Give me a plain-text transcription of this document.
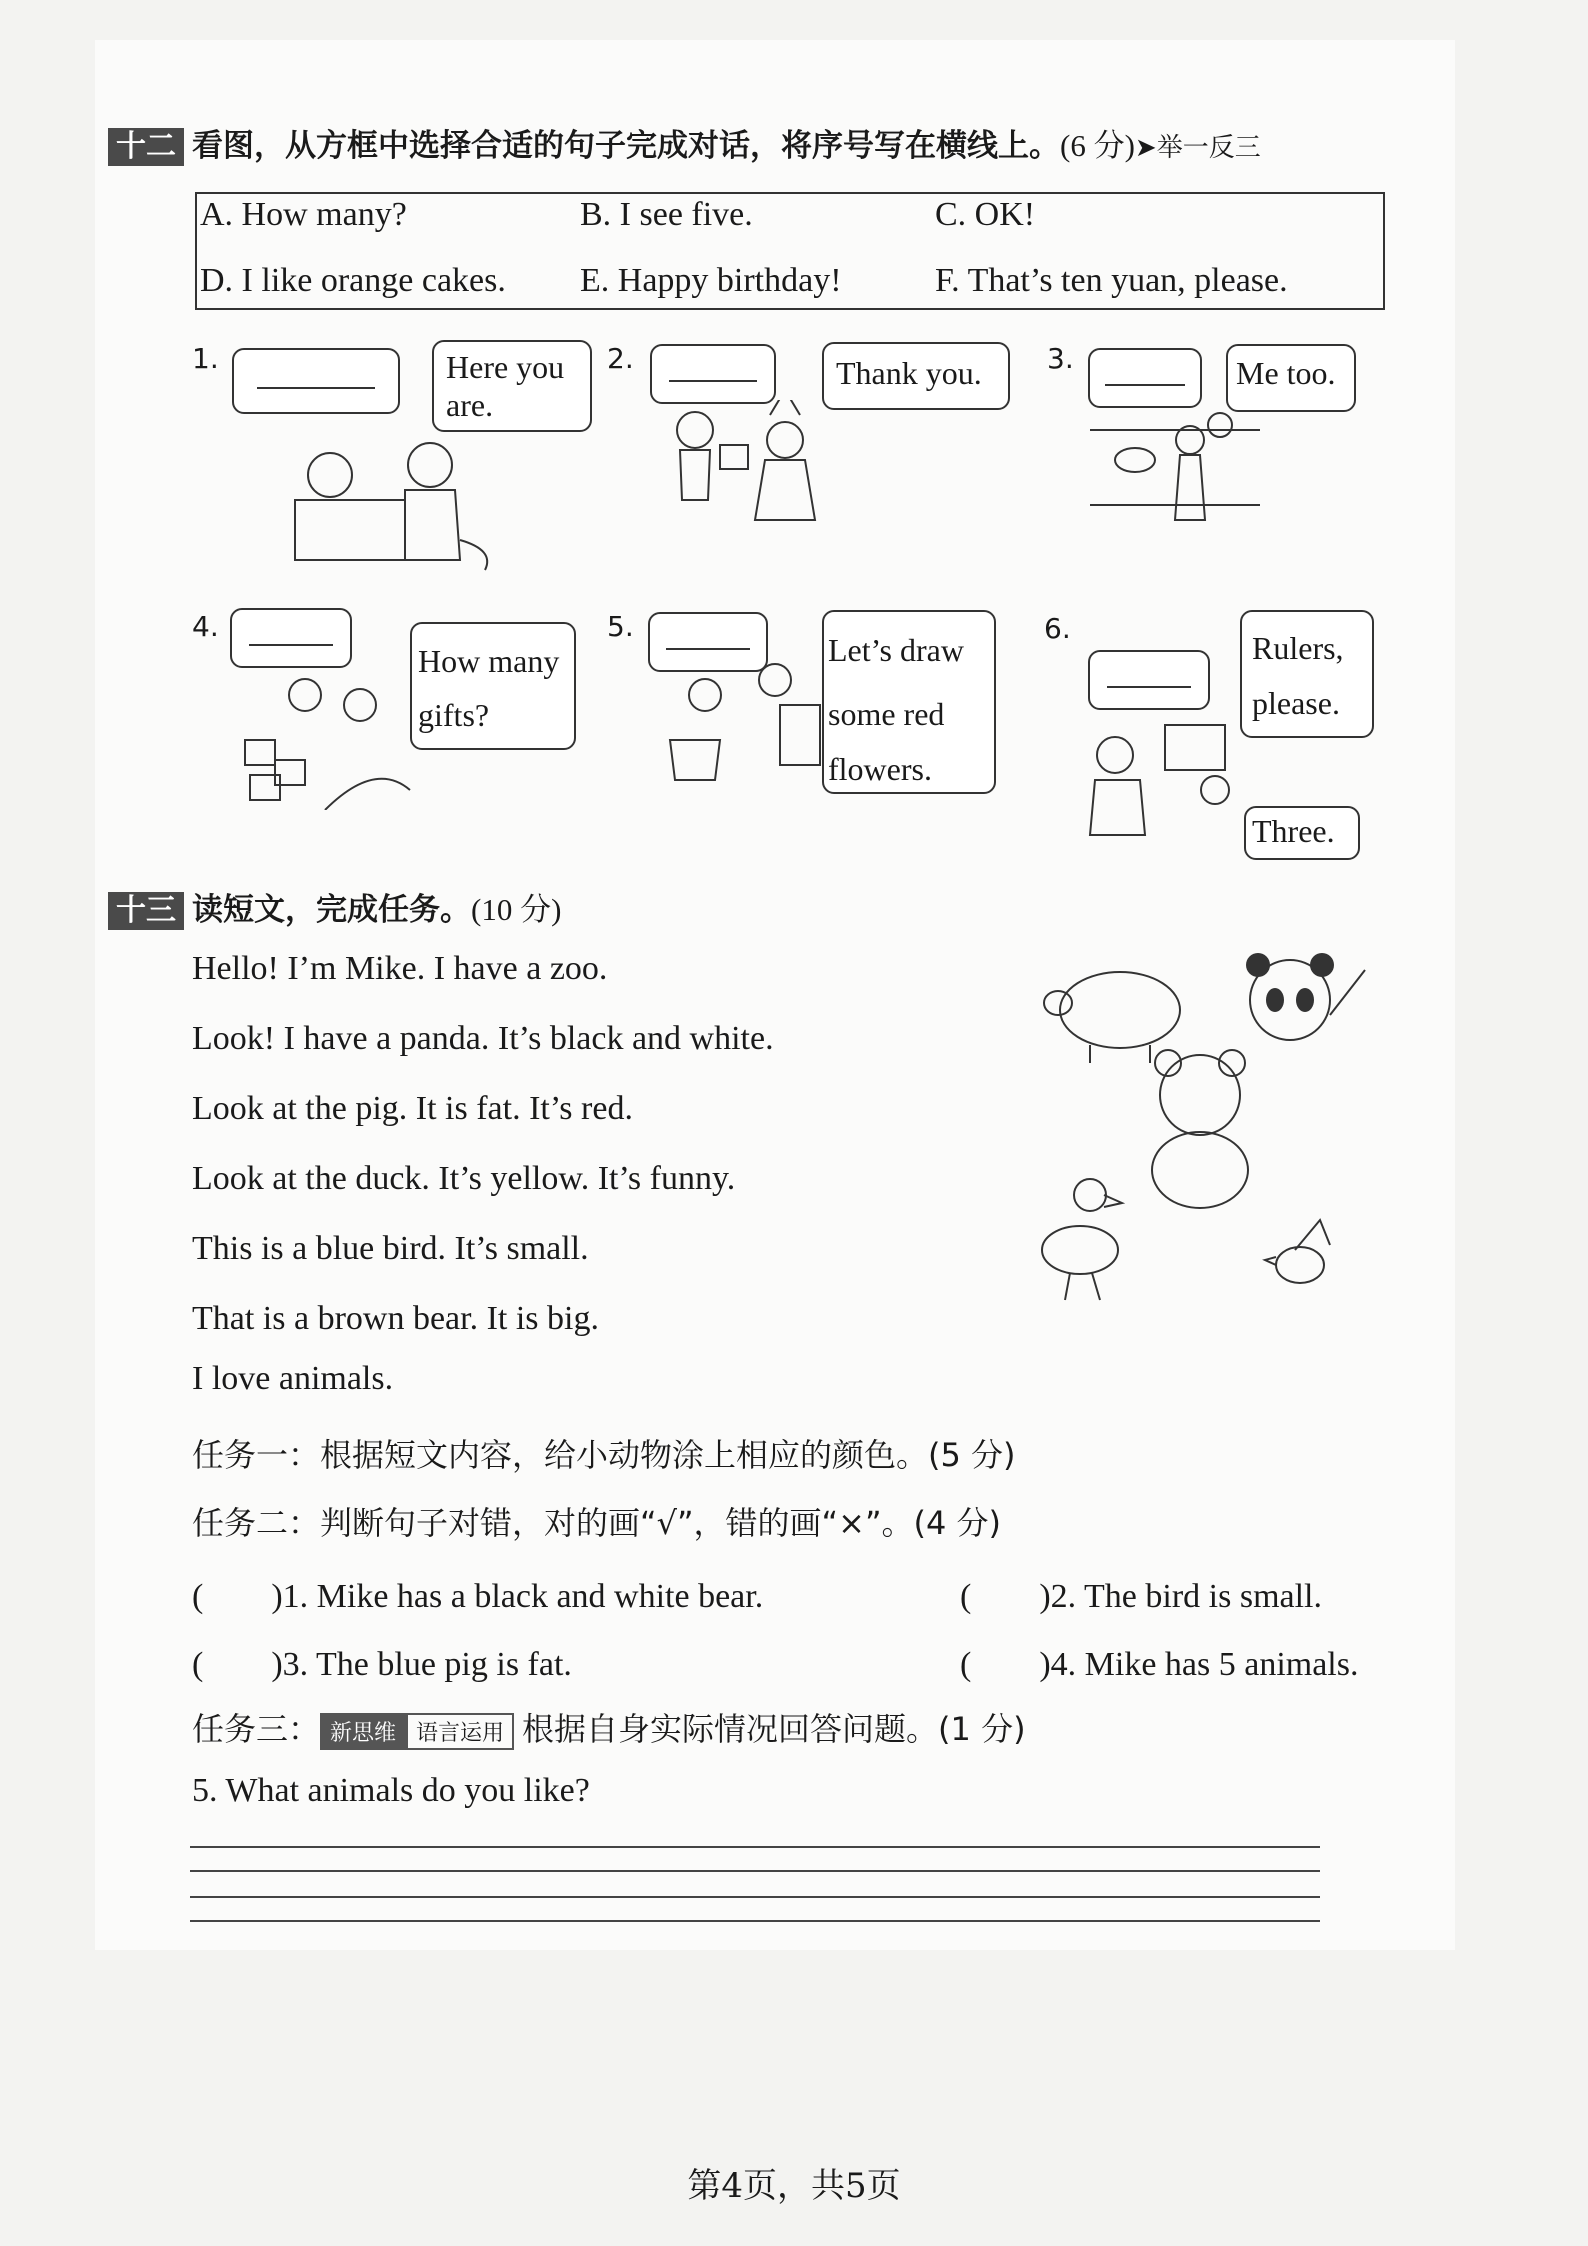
十二 看图，从方框中选择合适的句子完成对话，将序号写在横线上。(6 分)➤举一反三
A. How many?	B. I see five.	C. OK!
D. I like orange cakes. E. Happy birthday!	F. That’s ten yuan, please.
1.	Here you
are.
2.	Thank you. 3.	Me too.
4.
How many
gifts?
5.
Let’s draw
some red
flowers.
6.
Rulers,
please.
Three.
十三 读短文，完成任务。(10 分)
Hello! I’m Mike. I have a zoo.
Look! I have a panda. It’s black and white.
Look at the pig. It is fat. It’s red.
Look at the duck. It’s yellow. It’s funny.
This is a blue bird. It’s small.
That is a brown bear. It is big.
I love animals.
任务一：根据短文内容，给小动物涂上相应的颜色。(5 分)
任务二：判断句子对错，对的画“√”，错的画“×”。(4 分)
(　　)1. Mike has a black and white bear.	(　　)2. The bird is small.
(　　)3. The blue pig is fat.	(　　)4. Mike has 5 animals.
任务三： 新思维 语言运用 根据自身实际情况回答问题。(1 分)
5. What animals do you like?
第4页，共5页
